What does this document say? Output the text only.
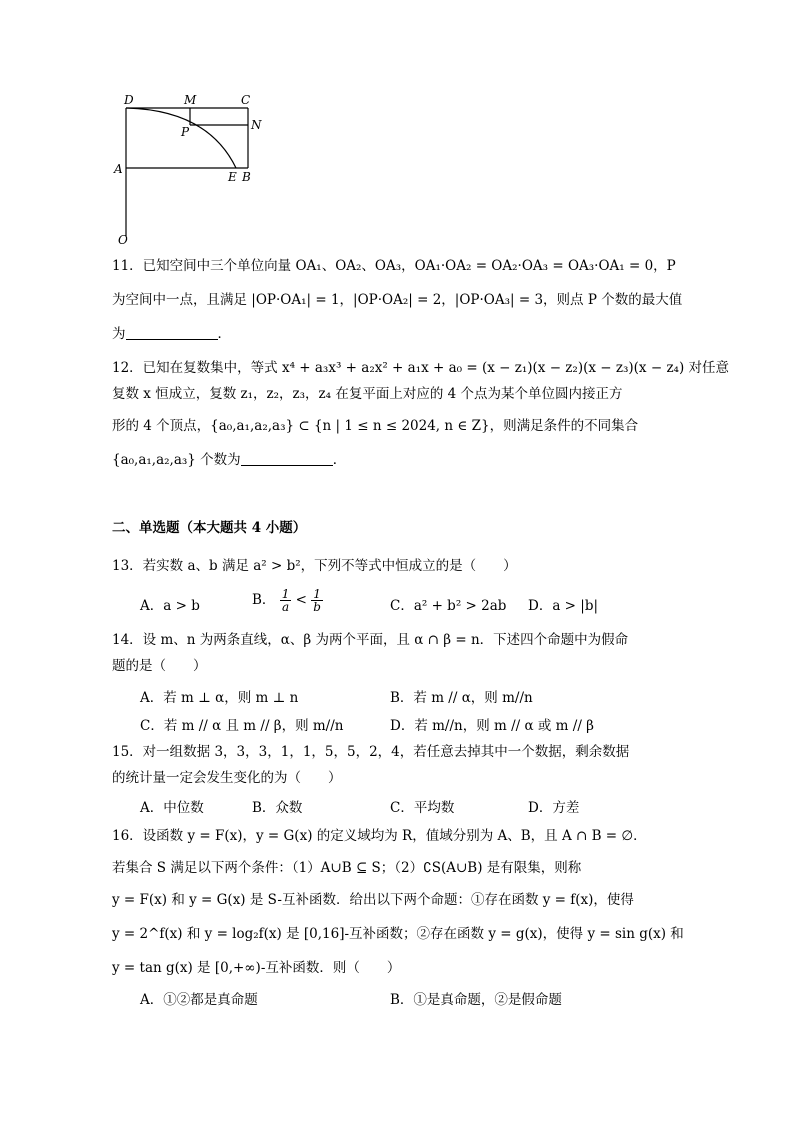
D	M	C
P	N
A
E B
O
11．已知空间中三个单位向量 OA₁、OA₂、OA₃，OA₁·OA₂ = OA₂·OA₃ = OA₃·OA₁ = 0，P
为空间中一点，且满足 |OP·OA₁| = 1，|OP·OA₂| = 2，|OP·OA₃| = 3，则点 P 个数的最大值
为	．
12．已知在复数集中，等式 x⁴ + a₃x³ + a₂x² + a₁x + a₀ = (x − z₁)(x − z₂)(x − z₃)(x − z₄) 对任意
复数 x 恒成立，复数 z₁，z₂，z₃，z₄ 在复平面上对应的 4 个点为某个单位圆内接正方
形的 4 个顶点，{a₀,a₁,a₂,a₃} ⊂ {n | 1 ≤ n ≤ 2024, n ∈ Z}，则满足条件的不同集合
{a₀,a₁,a₂,a₃} 个数为	．
二、单选题（本大题共 4 小题）
13．若实数 a、b 满足 a² > b²，下列不等式中恒成立的是（　　）
A．a > b	B． $\frac{1}{a} < \frac{1}{b}$	C．a² + b² > 2ab D．a > |b|
14．设 m、n 为两条直线，α、β 为两个平面，且 α ∩ β = n．下述四个命题中为假命
题的是（　　）
A．若 m ⊥ α，则 m ⊥ n	B．若 m // α，则 m//n
C．若 m // α 且 m // β，则 m//n	D．若 m//n，则 m // α 或 m // β
15．对一组数据 3，3，3，1，1，5，5，2，4，若任意去掉其中一个数据，剩余数据
的统计量一定会发生变化的为（　　）
A．中位数	B．众数	C．平均数	D．方差
16．设函数 y = F(x)，y = G(x) 的定义域均为 R，值域分别为 A、B，且 A ∩ B = ∅．
若集合 S 满足以下两个条件：（1）A∪B ⊆ S；（2）∁S(A∪B) 是有限集，则称
y = F(x) 和 y = G(x) 是 S-互补函数．给出以下两个命题：①存在函数 y = f(x)，使得
y = 2^f(x) 和 y = log₂f(x) 是 [0,16]-互补函数；②存在函数 y = g(x)，使得 y = sin g(x) 和
y = tan g(x) 是 [0,+∞)-互补函数．则（　　）
A．①②都是真命题	B．①是真命题，②是假命题
